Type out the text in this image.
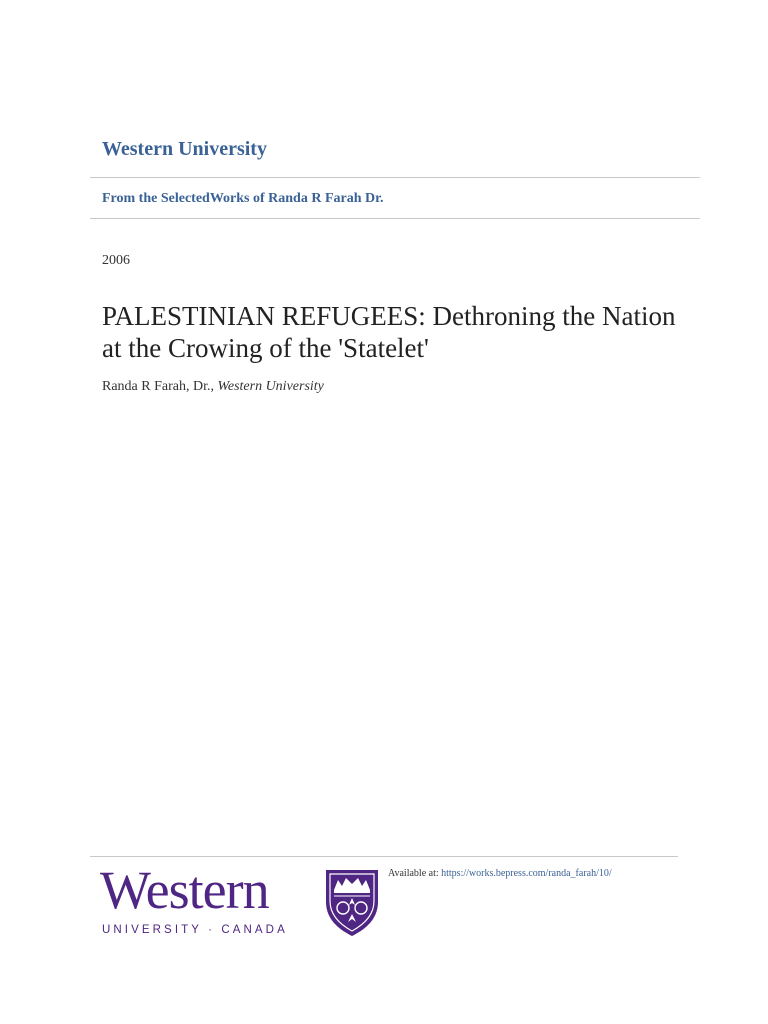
Western University
From the SelectedWorks of Randa R Farah Dr.
2006
PALESTINIAN REFUGEES: Dethroning the Nation at the Crowing of the 'Statelet'
Randa R Farah, Dr., Western University
Western
UNIVERSITY · CANADA
Available at: https://works.bepress.com/randa_farah/10/
